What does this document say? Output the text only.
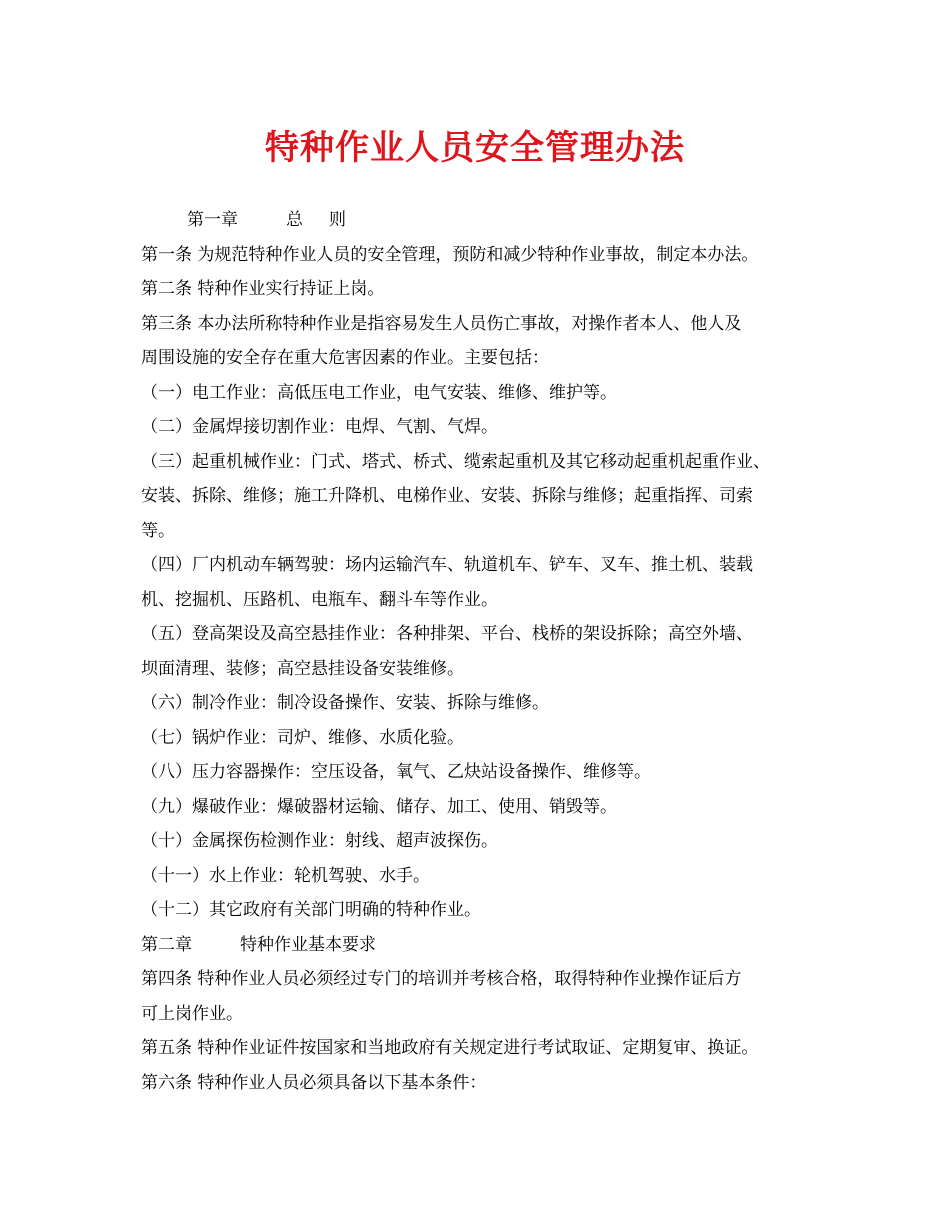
特种作业人员安全管理办法
第一章	总 则
第一条 为规范特种作业人员的安全管理，预防和减少特种作业事故，制定本办法。
第二条 特种作业实行持证上岗。
第三条 本办法所称特种作业是指容易发生人员伤亡事故，对操作者本人、他人及
周围设施的安全存在重大危害因素的作业。主要包括：
（一）电工作业：高低压电工作业，电气安装、维修、维护等。
（二）金属焊接切割作业：电焊、气割、气焊。
（三）起重机械作业：门式、塔式、桥式、缆索起重机及其它移动起重机起重作业、
安装、拆除、维修；施工升降机、电梯作业、安装、拆除与维修；起重指挥、司索
等。
（四）厂内机动车辆驾驶：场内运输汽车、轨道机车、铲车、叉车、推土机、装载
机、挖掘机、压路机、电瓶车、翻斗车等作业。
（五）登高架设及高空悬挂作业：各种排架、平台、栈桥的架设拆除；高空外墙、
坝面清理、装修；高空悬挂设备安装维修。
（六）制冷作业：制冷设备操作、安装、拆除与维修。
（七）锅炉作业：司炉、维修、水质化验。
（八）压力容器操作：空压设备，氧气、乙炔站设备操作、维修等。
（九）爆破作业：爆破器材运输、储存、加工、使用、销毁等。
（十）金属探伤检测作业：射线、超声波探伤。
（十一）水上作业：轮机驾驶、水手。
（十二）其它政府有关部门明确的特种作业。
第二章	特种作业基本要求
第四条 特种作业人员必须经过专门的培训并考核合格，取得特种作业操作证后方
可上岗作业。
第五条 特种作业证件按国家和当地政府有关规定进行考试取证、定期复审、换证。
第六条 特种作业人员必须具备以下基本条件：
